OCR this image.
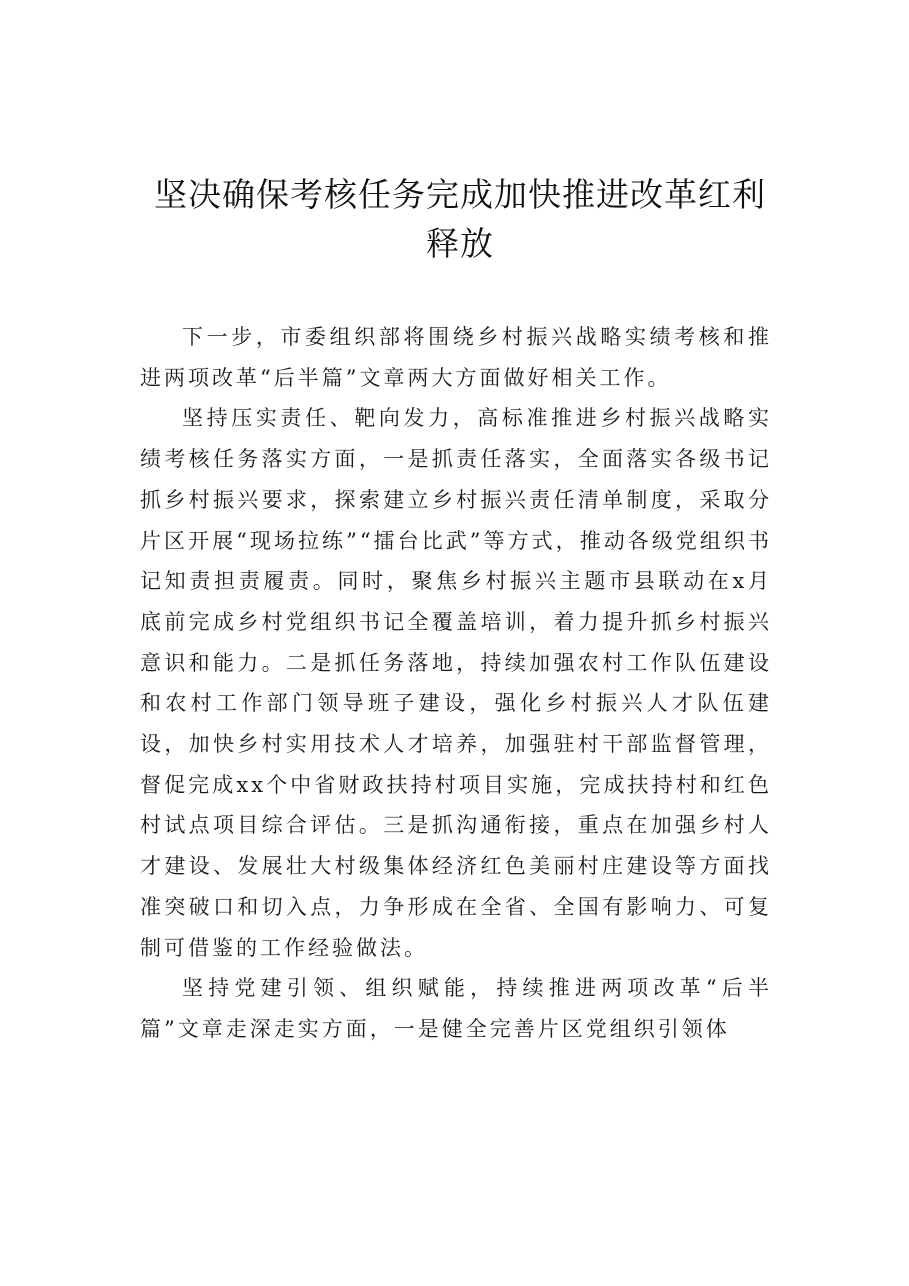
坚决确保考核任务完成加快推进改革红利释放

下一步，市委组织部将围绕乡村振兴战略实绩考核和推进两项改革“后半篇”文章两大方面做好相关工作。

坚持压实责任、靶向发力，高标准推进乡村振兴战略实绩考核任务落实方面，一是抓责任落实，全面落实各级书记抓乡村振兴要求，探索建立乡村振兴责任清单制度，采取分片区开展“现场拉练”“擂台比武”等方式，推动各级党组织书记知责担责履责。同时，聚焦乡村振兴主题市县联动在x月底前完成乡村党组织书记全覆盖培训，着力提升抓乡村振兴意识和能力。二是抓任务落地，持续加强农村工作队伍建设和农村工作部门领导班子建设，强化乡村振兴人才队伍建设，加快乡村实用技术人才培养，加强驻村干部监督管理，督促完成xx个中省财政扶持村项目实施，完成扶持村和红色村试点项目综合评估。三是抓沟通衔接，重点在加强乡村人才建设、发展壮大村级集体经济红色美丽村庄建设等方面找准突破口和切入点，力争形成在全省、全国有影响力、可复制可借鉴的工作经验做法。

坚持党建引领、组织赋能，持续推进两项改革“后半篇”文章走深走实方面，一是健全完善片区党组织引领体
